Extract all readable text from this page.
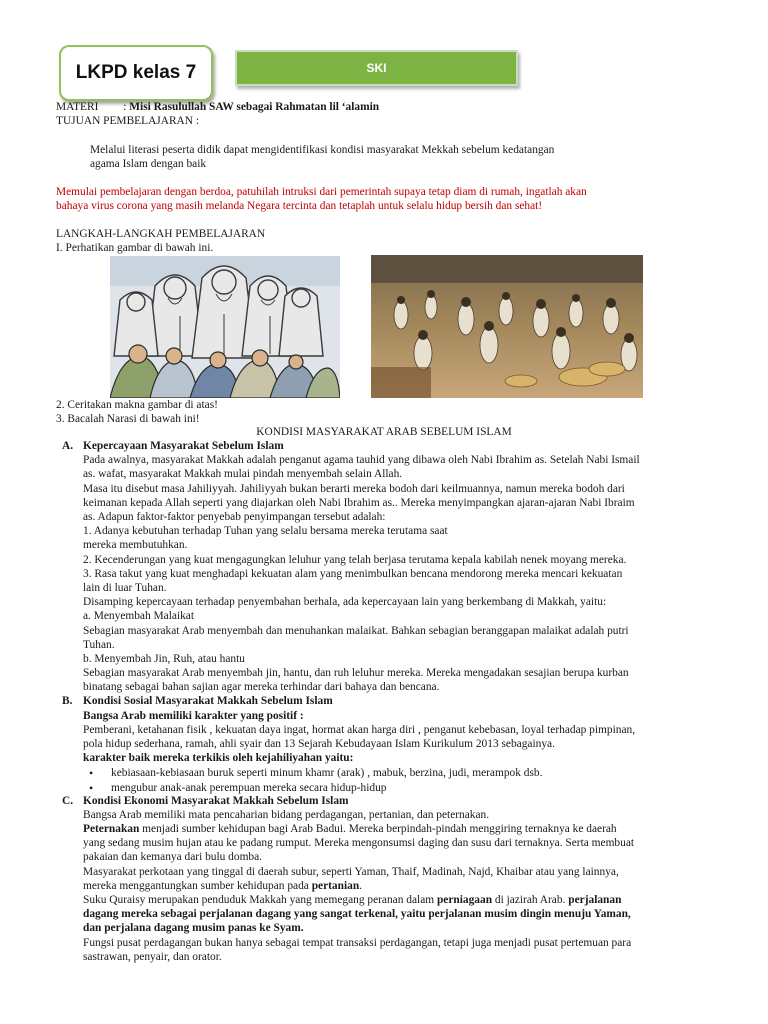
LKPD kelas 7	SKI
MATERI : Misi Rasulullah SAW sebagai Rahmatan lil ‘alamin
TUJUAN PEMBELAJARAN :
Melalui literasi peserta didik dapat mengidentifikasi kondisi masyarakat Mekkah sebelum kedatangan
agama Islam dengan baik
Memulai pembelajaran dengan berdoa, patuhilah intruksi dari pemerintah supaya tetap diam di rumah, ingatlah akan
bahaya virus corona yang masih melanda Negara tercinta dan tetaplah untuk selalu hidup bersih dan sehat!
LANGKAH-LANGKAH PEMBELAJARAN
I. Perhatikan gambar di bawah ini.
2. Ceritakan makna gambar di atas!
3. Bacalah Narasi di bawah ini!
KONDISI MASYARAKAT ARAB SEBELUM ISLAM
A. Kepercayaan Masyarakat Sebelum Islam
Pada awalnya, masyarakat Makkah adalah penganut agama tauhid yang dibawa oleh Nabi Ibrahim as. Setelah Nabi Ismail
as. wafat, masyarakat Makkah mulai pindah menyembah selain Allah.
Masa itu disebut masa Jahiliyyah. Jahiliyyah bukan berarti mereka bodoh dari keilmuannya, namun mereka bodoh dari
keimanan kepada Allah seperti yang diajarkan oleh Nabi Ibrahim as.. Mereka menyimpangkan ajaran-ajaran Nabi Ibraim
as. Adapun faktor-faktor penyebab penyimpangan tersebut adalah:
1. Adanya kebutuhan terhadap Tuhan yang selalu bersama mereka terutama saat
mereka membutuhkan.
2. Kecenderungan yang kuat mengagungkan leluhur yang telah berjasa terutama kepala kabilah nenek moyang mereka.
3. Rasa takut yang kuat menghadapi kekuatan alam yang menimbulkan bencana mendorong mereka mencari kekuatan
lain di luar Tuhan.
Disamping kepercayaan terhadap penyembahan berhala, ada kepercayaan lain yang berkembang di Makkah, yaitu:
a. Menyembah Malaikat
Sebagian masyarakat Arab menyembah dan menuhankan malaikat. Bahkan sebagian beranggapan malaikat adalah putri
Tuhan.
b. Menyembah Jin, Ruh, atau hantu
Sebagian masyarakat Arab menyembah jin, hantu, dan ruh leluhur mereka. Mereka mengadakan sesajian berupa kurban
binatang sebagai bahan sajian agar mereka terhindar dari bahaya dan bencana.
B. Kondisi Sosial Masyarakat Makkah Sebelum Islam
Bangsa Arab memiliki karakter yang positif :
Pemberani, ketahanan fisik , kekuatan daya ingat, hormat akan harga diri , penganut kebebasan, loyal terhadap pimpinan,
pola hidup sederhana, ramah, ahli syair dan 13 Sejarah Kebudayaan Islam Kurikulum 2013 sebagainya.
karakter baik mereka terkikis oleh kejahiliyahan yaitu:
• kebiasaan-kebiasaan buruk seperti minum khamr (arak) , mabuk, berzina, judi, merampok dsb.
• mengubur anak-anak perempuan mereka secara hidup-hidup
C. Kondisi Ekonomi Masyarakat Makkah Sebelum Islam
Bangsa Arab memiliki mata pencaharian bidang perdagangan, pertanian, dan peternakan.
Peternakan menjadi sumber kehidupan bagi Arab Badui. Mereka berpindah-pindah menggiring ternaknya ke daerah
yang sedang musim hujan atau ke padang rumput. Mereka mengonsumsi daging dan susu dari ternaknya. Serta membuat
pakaian dan kemanya dari bulu domba.
Masyarakat perkotaan yang tinggal di daerah subur, seperti Yaman, Thaif, Madinah, Najd, Khaibar atau yang lainnya,
mereka menggantungkan sumber kehidupan pada pertanian.
Suku Quraisy merupakan penduduk Makkah yang memegang peranan dalam perniagaan di jazirah Arab. perjalanan
dagang mereka sebagai perjalanan dagang yang sangat terkenal, yaitu perjalanan musim dingin menuju Yaman,
dan perjalana dagang musim panas ke Syam.
Fungsi pusat perdagangan bukan hanya sebagai tempat transaksi perdagangan, tetapi juga menjadi pusat pertemuan para
sastrawan, penyair, dan orator.
